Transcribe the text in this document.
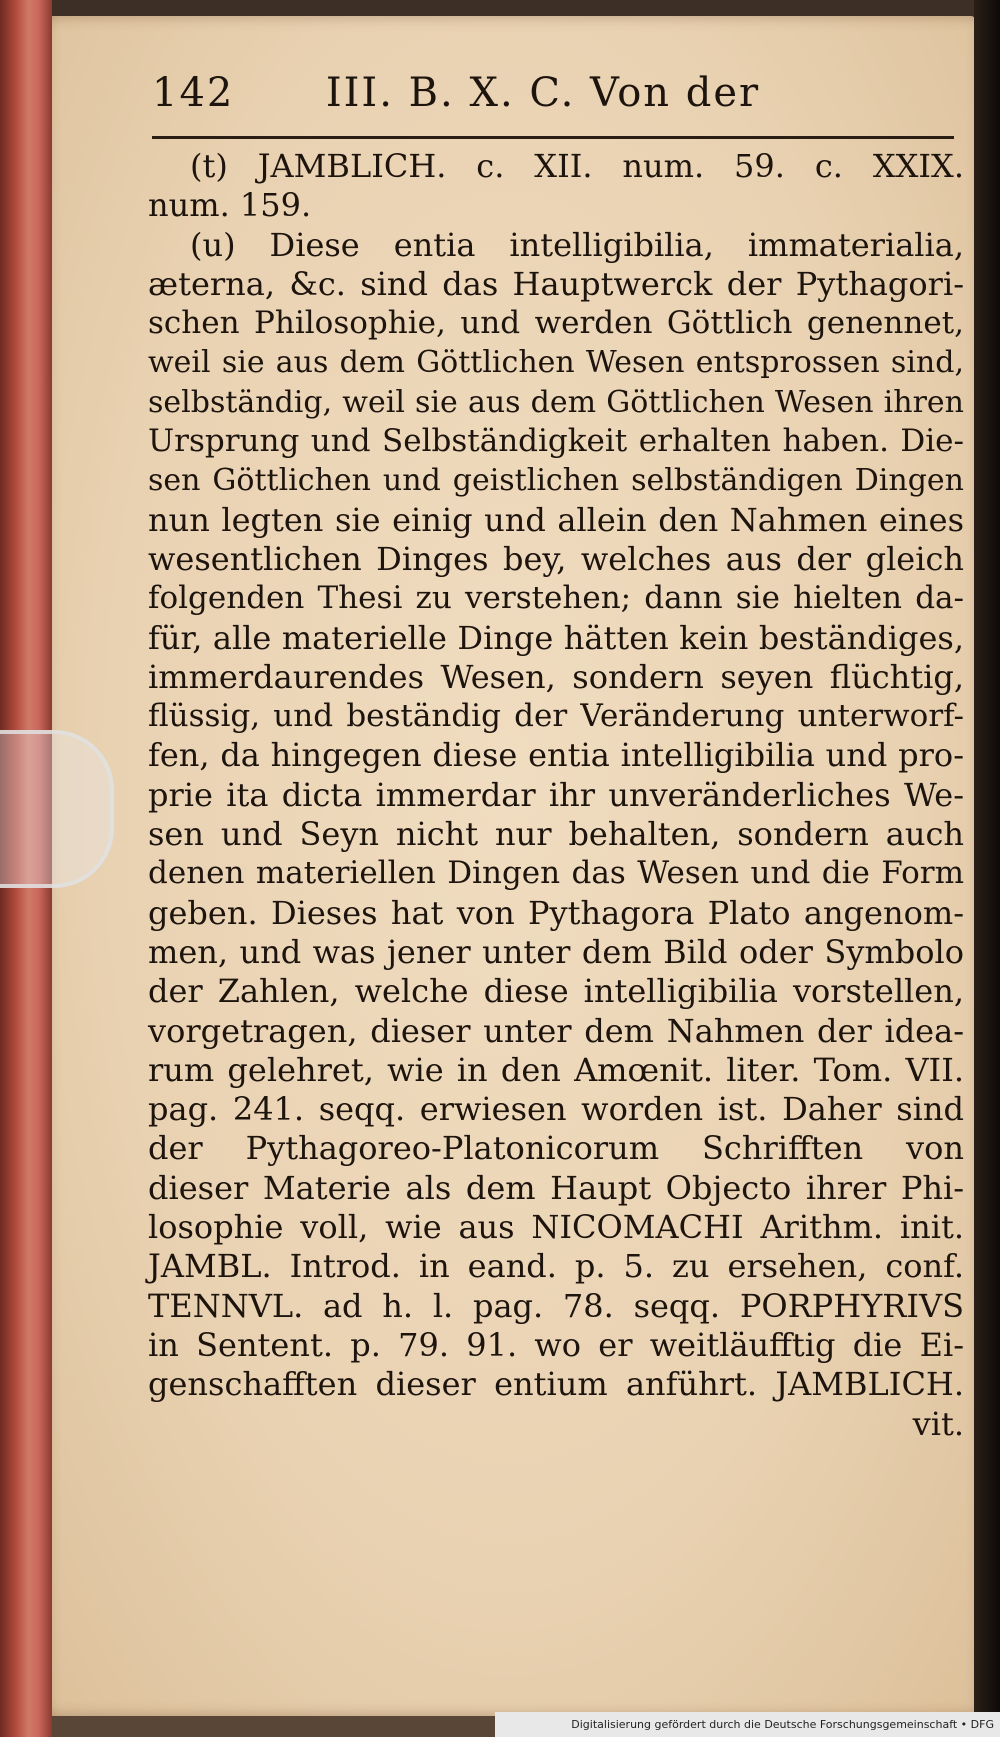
142	III. B. X. C. Von der
(t) JAMBLICH. c. XII. num. 59. c. XXIX.
num. 159.
(u) Diese entia intelligibilia, immaterialia,
æterna, &c. sind das Hauptwerck der Pythagori-
schen Philosophie, und werden Göttlich genennet,
weil sie aus dem Göttlichen Wesen entsprossen sind,
selbständig, weil sie aus dem Göttlichen Wesen ihren
Ursprung und Selbständigkeit erhalten haben. Die-
sen Göttlichen und geistlichen selbständigen Dingen
nun legten sie einig und allein den Nahmen eines
wesentlichen Dinges bey, welches aus der gleich
folgenden Thesi zu verstehen; dann sie hielten da-
für, alle materielle Dinge hätten kein beständiges,
immerdaurendes Wesen, sondern seyen flüchtig,
flüssig, und beständig der Veränderung unterworf-
fen, da hingegen diese entia intelligibilia und pro-
prie ita dicta immerdar ihr unveränderliches We-
sen und Seyn nicht nur behalten, sondern auch
denen materiellen Dingen das Wesen und die Form
geben. Dieses hat von Pythagora Plato angenom-
men, und was jener unter dem Bild oder Symbolo
der Zahlen, welche diese intelligibilia vorstellen,
vorgetragen, dieser unter dem Nahmen der idea-
rum gelehret, wie in den Amœnit. liter. Tom. VII.
pag. 241. seqq. erwiesen worden ist. Daher sind
der Pythagoreo-Platonicorum Schrifften von
dieser Materie als dem Haupt Objecto ihrer Phi-
losophie voll, wie aus NICOMACHI Arithm. init.
JAMBL. Introd. in eand. p. 5. zu ersehen, conf.
TENNVL. ad h. l. pag. 78. seqq. PORPHYRIVS
in Sentent. p. 79. 91. wo er weitläufftig die Ei-
genschafften dieser entium anführt. JAMBLICH.
vit.
Digitalisierung gefördert durch die Deutsche Forschungsgemeinschaft • DFG
